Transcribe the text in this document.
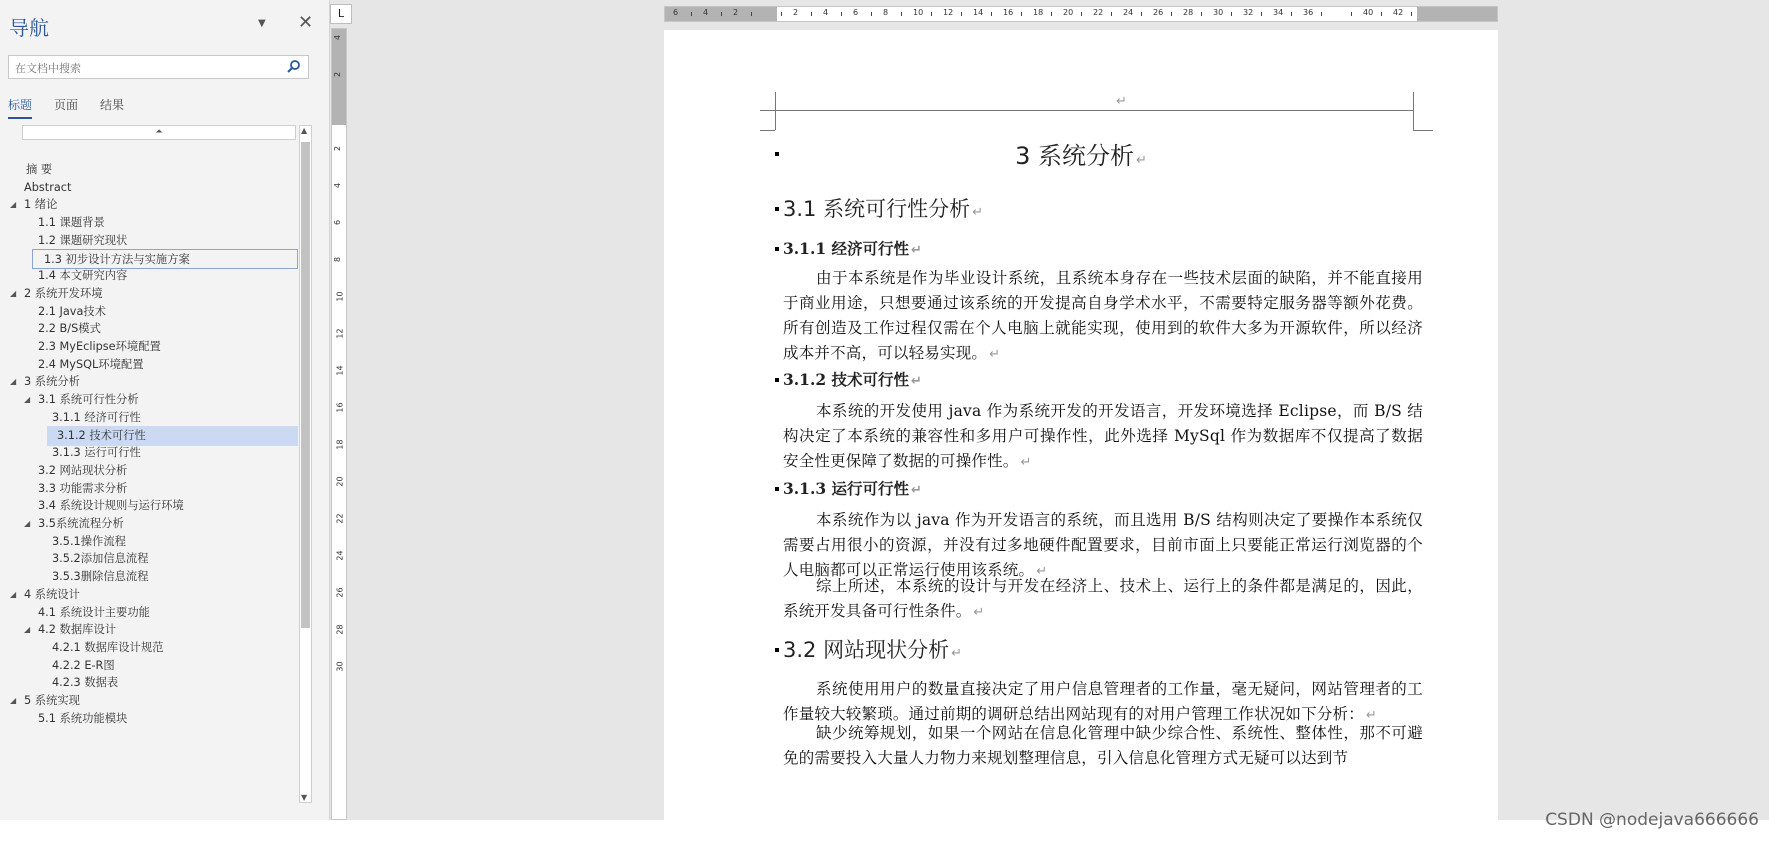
导航	▼ ✕
在文档中搜索
标题 页面 结果
⏶
摘 要
Abstract
◢ 1 绪论
1.1 课题背景
1.2 课题研究现状
1.3 初步设计方法与实施方案
1.4 本文研究内容
◢ 2 系统开发环境
2.1 Java技术
2.2 B/S模式
2.3 MyEclipse环境配置
2.4 MySQL环境配置
◢ 3 系统分析
◢ 3.1 系统可行性分析
3.1.1 经济可行性
3.1.2 技术可行性
3.1.3 运行可行性
3.2 网站现状分析
3.3 功能需求分析
3.4 系统设计规则与运行环境
◢ 3.5系统流程分析
3.5.1操作流程
3.5.2添加信息流程
3.5.3删除信息流程
◢ 4 系统设计
4.1 系统设计主要功能
◢ 4.2 数据库设计
4.2.1 数据库设计规范
4.2.2 E-R图
4.2.3 数据表
◢ 5 系统实现
5.1 系统功能模块
▲
▼
L	6	4	2	2	4	6	8	10 12 14 16 18 20 22 24 26 28 30 32 34 36	40 42
4
2
2
4
6
8
10
12
14
16
18
20
22
24
26
28
30
↵
3 系统分析 ↵
3.1 系统可行性分析 ↵
3.1.1 经济可行性 ↵
由于本系统是作为毕业设计系统，且系统本身存在一些技术层面的缺陷，并不能直接用于商业用途，只想要通过该系统的开发提高自身学术水平，不需要特定服务器等额外花费。所有创造及工作过程仅需在个人电脑上就能实现，使用到的软件大多为开源软件，所以经济成本并不高，可以轻易实现。 ↵
3.1.2 技术可行性 ↵
本系统的开发使用 java 作为系统开发的开发语言，开发环境选择 Eclipse，而 B/S 结构决定了本系统的兼容性和多用户可操作性，此外选择 MySql 作为数据库不仅提高了数据安全性更保障了数据的可操作性。 ↵
3.1.3 运行可行性 ↵
本系统作为以 java 作为开发语言的系统，而且选用 B/S 结构则决定了要操作本系统仅需要占用很小的资源，并没有过多地硬件配置要求，目前市面上只要能正常运行浏览器的个人电脑都可以正常运行使用该系统。 ↵
综上所述，本系统的设计与开发在经济上、技术上、运行上的条件都是满足的，因此，系统开发具备可行性条件。 ↵
3.2 网站现状分析 ↵
系统使用用户的数量直接决定了用户信息管理者的工作量，毫无疑问，网站管理者的工作量较大较繁琐。通过前期的调研总结出网站现有的对用户管理工作状况如下分析： ↵
缺少统筹规划，如果一个网站在信息化管理中缺少综合性、系统性、整体性，那不可避免的需要投入大量人力物力来规划整理信息，引入信息化管理方式无疑可以达到节
CSDN @nodejava666666
